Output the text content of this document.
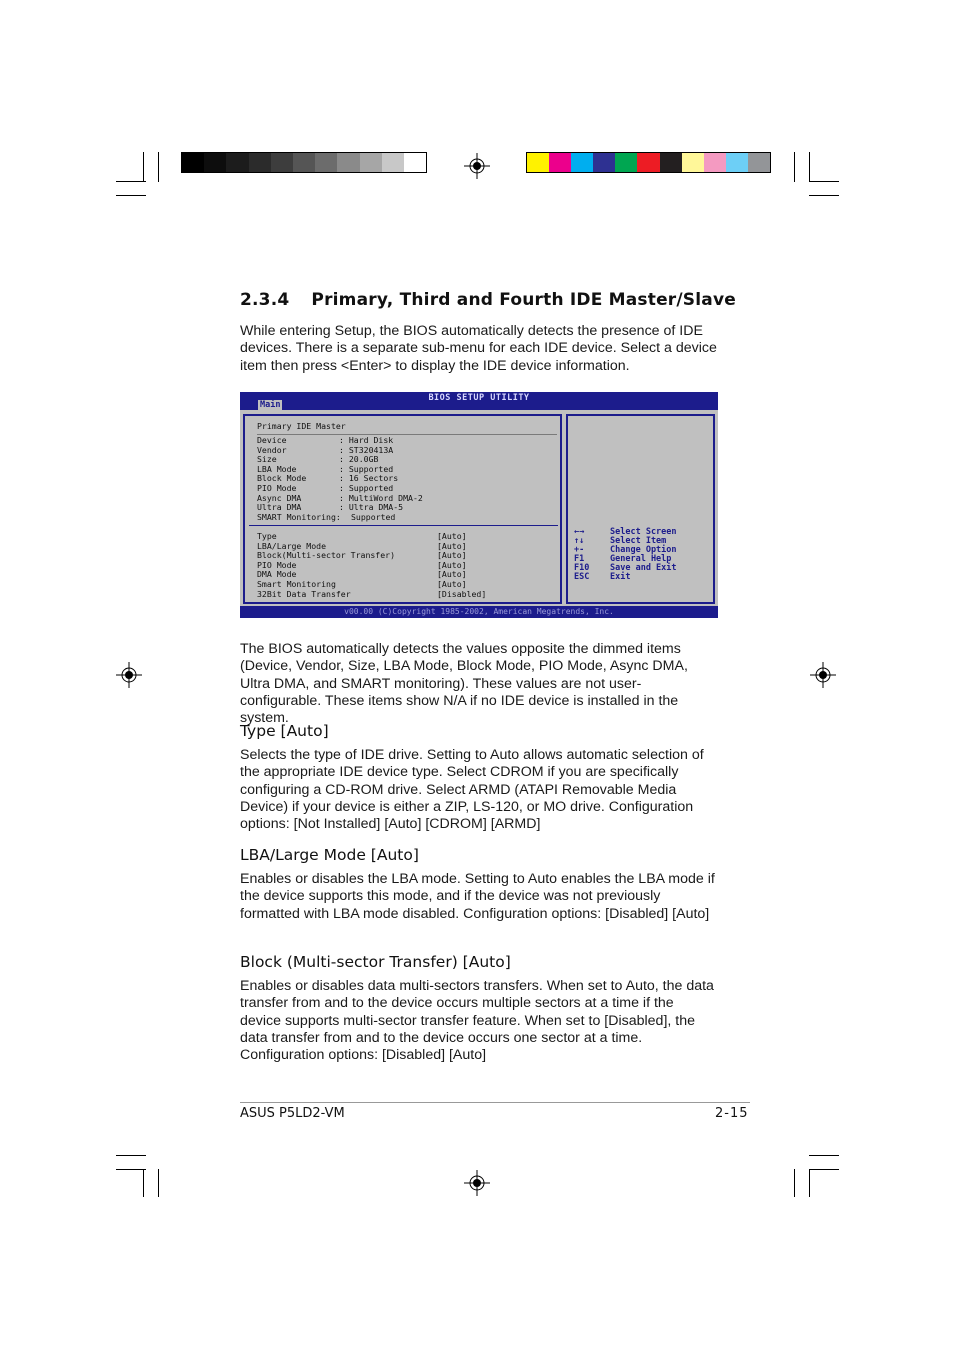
2.3.4 Primary, Third and Fourth IDE Master/Slave
While entering Setup, the BIOS automatically detects the presence of IDE devices. There is a separate sub-menu for each IDE device. Select a device item then press <Enter> to display the IDE device information.
BIOS SETUP UTILITY
Main
Primary IDE Master
Device	: Hard Disk
Vendor	: ST320413A
Size	: 20.0GB
LBA Mode	: Supported
Block Mode	: 16 Sectors
PIO Mode	: Supported
Async DMA	: MultiWord DMA-2
Ultra DMA	: Ultra DMA-5
SMART Monitoring: Supported
Type	[Auto]
LBA/Large Mode	[Auto]
Block(Multi-sector Transfer)	[Auto]
PIO Mode	[Auto]
DMA Mode	[Auto]
Smart Monitoring	[Auto]
32Bit Data Transfer	[Disabled]
←→	Select Screen
↑↓	Select Item
+-	Change Option
F1	General Help
F10 Save and Exit
ESC Exit
v00.00 (C)Copyright 1985-2002, American Megatrends, Inc.
The BIOS automatically detects the values opposite the dimmed items (Device, Vendor, Size, LBA Mode, Block Mode, PIO Mode, Async DMA, Ultra DMA, and SMART monitoring). These values are not user-configurable. These items show N/A if no IDE device is installed in the system.
Type [Auto]
Selects the type of IDE drive. Setting to Auto allows automatic selection of the appropriate IDE device type. Select CDROM if you are specifically configuring a CD-ROM drive. Select ARMD (ATAPI Removable Media Device) if your device is either a ZIP, LS-120, or MO drive. Configuration options: [Not Installed] [Auto] [CDROM] [ARMD]
LBA/Large Mode [Auto]
Enables or disables the LBA mode. Setting to Auto enables the LBA mode if the device supports this mode, and if the device was not previously formatted with LBA mode disabled. Configuration options: [Disabled] [Auto]
Block (Multi-sector Transfer) [Auto]
Enables or disables data multi-sectors transfers. When set to Auto, the data transfer from and to the device occurs multiple sectors at a time if the device supports multi-sector transfer feature. When set to [Disabled], the data transfer from and to the device occurs one sector at a time. Configuration options: [Disabled] [Auto]
ASUS P5LD2-VM	2-15
